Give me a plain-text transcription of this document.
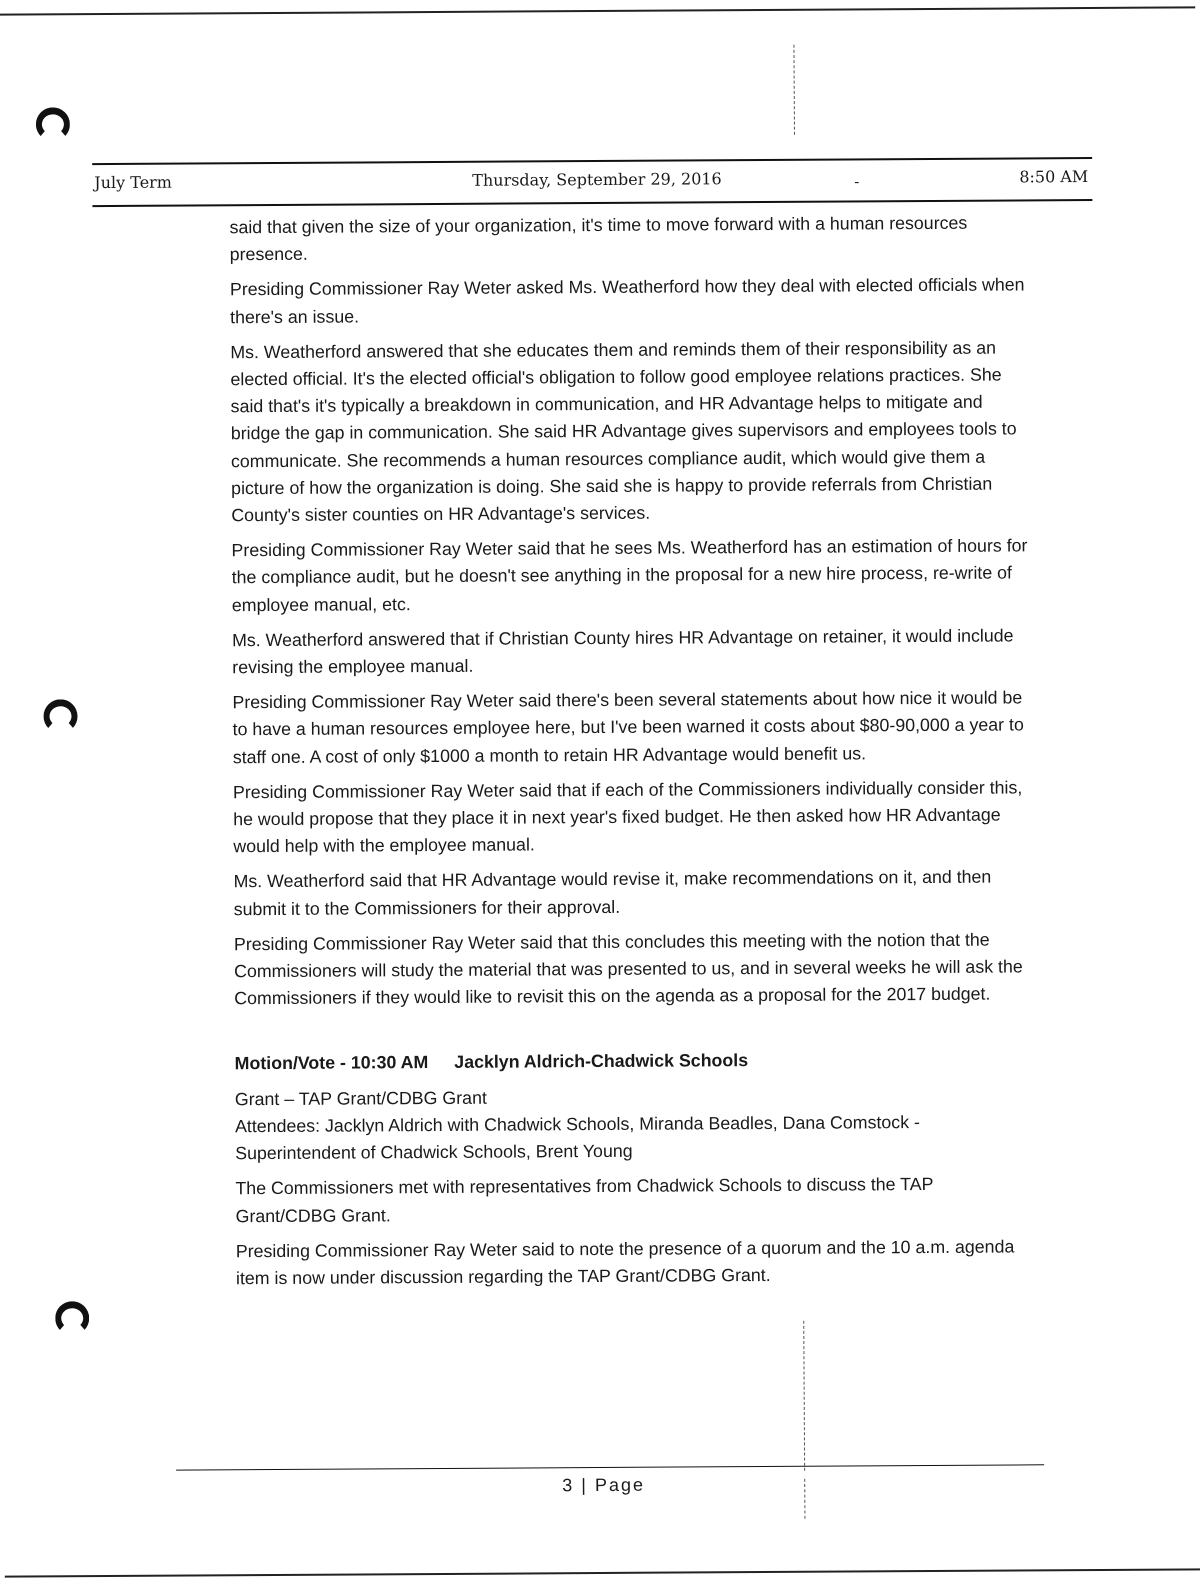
July Term	Thursday, September 29, 2016	-	8:50 AM

said that given the size of your organization, it's time to move forward with a human resources presence.

Presiding Commissioner Ray Weter asked Ms. Weatherford how they deal with elected officials when there's an issue.

Ms. Weatherford answered that she educates them and reminds them of their responsibility as an elected official. It's the elected official's obligation to follow good employee relations practices. She said that's it's typically a breakdown in communication, and HR Advantage helps to mitigate and bridge the gap in communication. She said HR Advantage gives supervisors and employees tools to communicate. She recommends a human resources compliance audit, which would give them a picture of how the organization is doing. She said she is happy to provide referrals from Christian County's sister counties on HR Advantage's services.

Presiding Commissioner Ray Weter said that he sees Ms. Weatherford has an estimation of hours for the compliance audit, but he doesn't see anything in the proposal for a new hire process, re-write of employee manual, etc.

Ms. Weatherford answered that if Christian County hires HR Advantage on retainer, it would include revising the employee manual.

Presiding Commissioner Ray Weter said there's been several statements about how nice it would be to have a human resources employee here, but I've been warned it costs about $80-90,000 a year to staff one. A cost of only $1000 a month to retain HR Advantage would benefit us.

Presiding Commissioner Ray Weter said that if each of the Commissioners individually consider this, he would propose that they place it in next year's fixed budget. He then asked how HR Advantage would help with the employee manual.

Ms. Weatherford said that HR Advantage would revise it, make recommendations on it, and then submit it to the Commissioners for their approval.

Presiding Commissioner Ray Weter said that this concludes this meeting with the notion that the Commissioners will study the material that was presented to us, and in several weeks he will ask the Commissioners if they would like to revisit this on the agenda as a proposal for the 2017 budget.

Motion/Vote - 10:30 AM Jacklyn Aldrich-Chadwick Schools

Grant – TAP Grant/CDBG Grant

Attendees: Jacklyn Aldrich with Chadwick Schools, Miranda Beadles, Dana Comstock - Superintendent of Chadwick Schools, Brent Young

The Commissioners met with representatives from Chadwick Schools to discuss the TAP Grant/CDBG Grant.

Presiding Commissioner Ray Weter said to note the presence of a quorum and the 10 a.m. agenda item is now under discussion regarding the TAP Grant/CDBG Grant.

3 | Page
